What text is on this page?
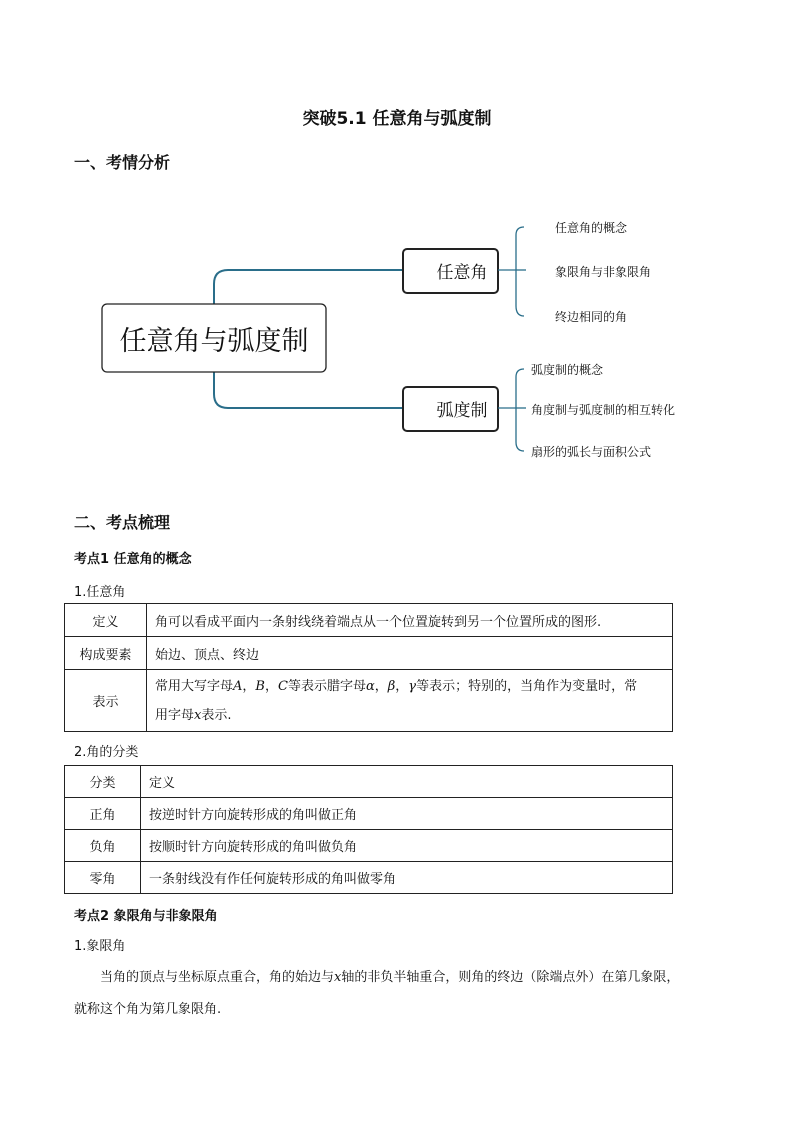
突破5.1 任意角与弧度制
一、考情分析
任意角与弧度制
任意角
弧度制
任意角的概念
象限角与非象限角
终边相同的角
弧度制的概念
角度制与弧度制的相互转化
扇形的弧长与面积公式
二、考点梳理
考点1 任意角的概念
1.任意角
定义	角可以看成平面内一条射线绕着端点从一个位置旋转到另一个位置所成的图形.
构成要素	始边、顶点、终边
表示	常用大写字母A，B，C等表示腊字母α，β，γ等表示；特别的，当角作为变量时，常
用字母x表示.
2.角的分类
分类	定义
正角	按逆时针方向旋转形成的角叫做正角
负角	按顺时针方向旋转形成的角叫做负角
零角	一条射线没有作任何旋转形成的角叫做零角
考点2 象限角与非象限角
1.象限角
当角的顶点与坐标原点重合，角的始边与x轴的非负半轴重合，则角的终边（除端点外）在第几象限，
就称这个角为第几象限角.
